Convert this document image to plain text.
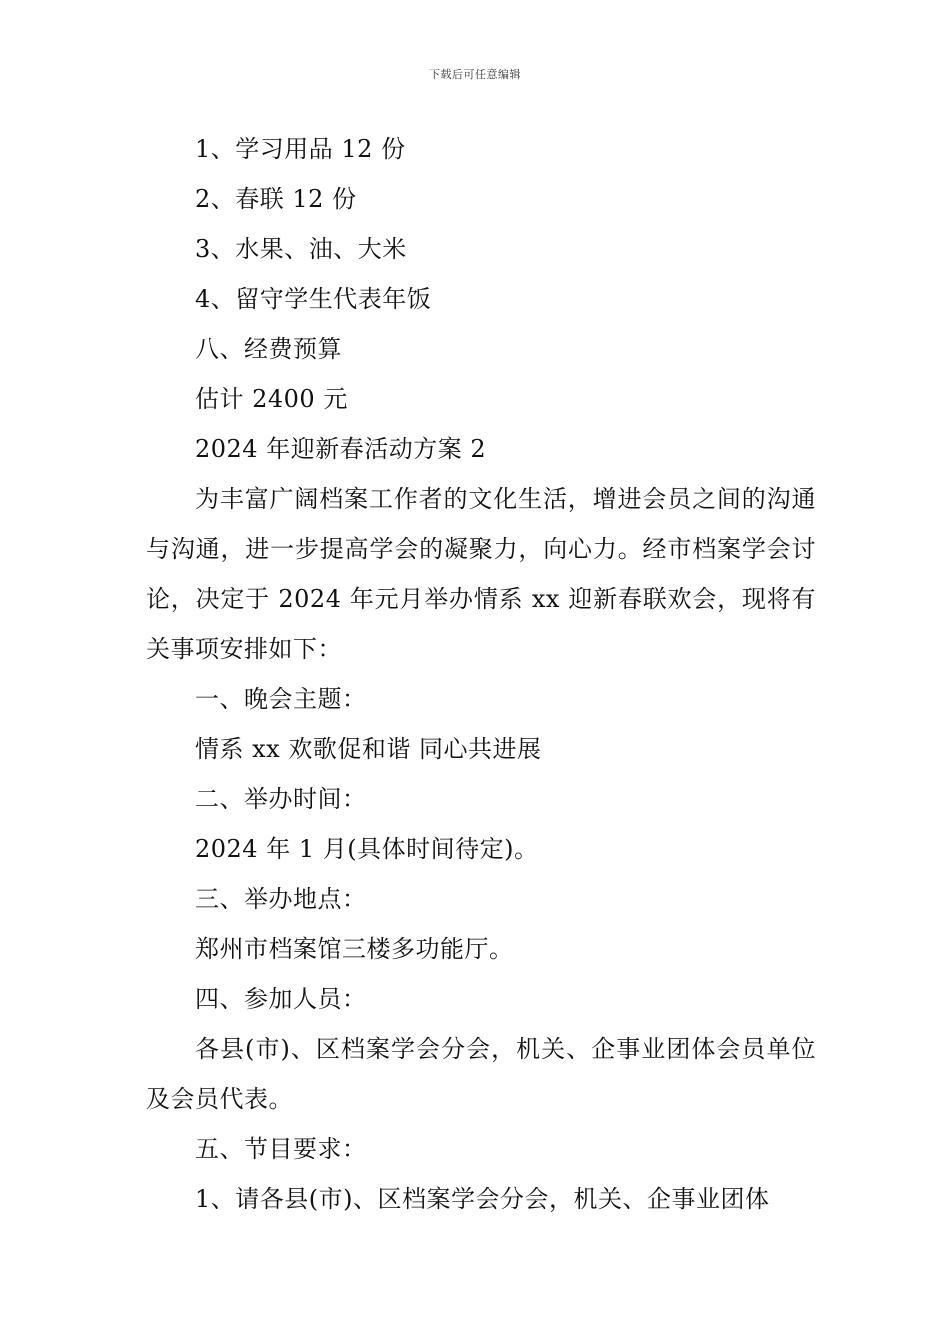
下载后可任意编辑
1、学习用品 12 份
2、春联 12 份
3、水果、油、大米
4、留守学生代表年饭
八、经费预算
估计 2400 元
2024 年迎新春活动方案 2
为丰富广阔档案工作者的文化生活，增进会员之间的沟通与沟通，进一步提高学会的凝聚力，向心力。经市档案学会讨论，决定于 2024 年元月举办情系 xx 迎新春联欢会，现将有关事项安排如下：
一、晚会主题：
情系 xx 欢歌促和谐 同心共进展
二、举办时间：
2024 年 1 月(具体时间待定)。
三、举办地点：
郑州市档案馆三楼多功能厅。
四、参加人员：
各县(市)、区档案学会分会，机关、企事业团体会员单位及会员代表。
五、节目要求：
1、请各县(市)、区档案学会分会，机关、企事业团体
